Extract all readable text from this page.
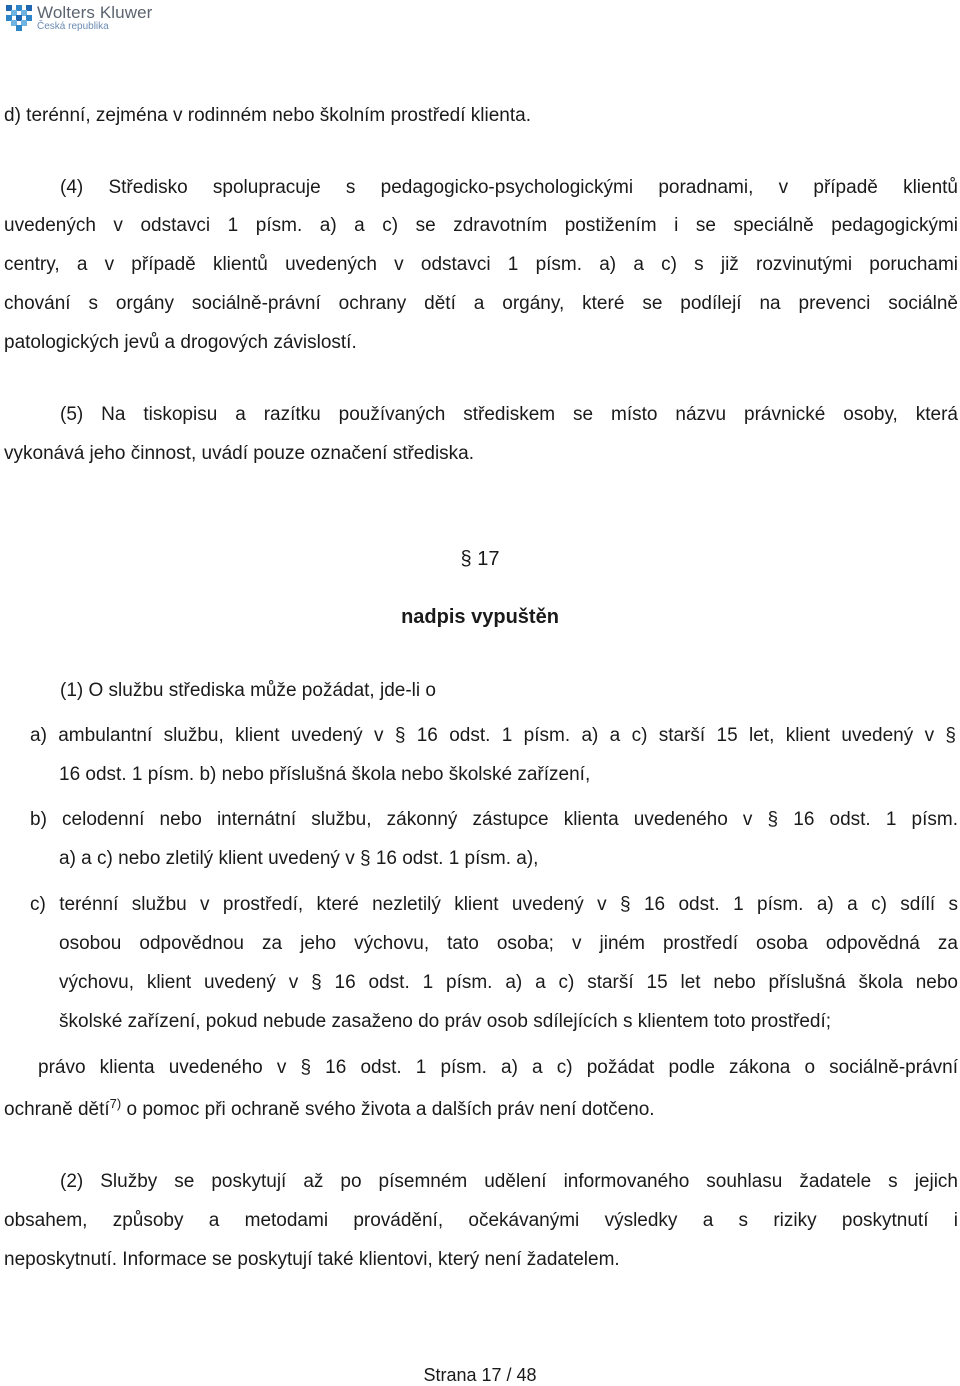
Wolters Kluwer
Česká republika
d) terénní, zejména v rodinném nebo školním prostředí klienta.
(4) Středisko spolupracuje s pedagogicko-psychologickými poradnami, v případě klientů
uvedených v odstavci 1 písm. a) a c) se zdravotním postižením i se speciálně pedagogickými
centry, a v případě klientů uvedených v odstavci 1 písm. a) a c) s již rozvinutými poruchami
chování s orgány sociálně-právní ochrany dětí a orgány, které se podílejí na prevenci sociálně
patologických jevů a drogových závislostí.
(5) Na tiskopisu a razítku používaných střediskem se místo názvu právnické osoby, která
vykonává jeho činnost, uvádí pouze označení střediska.
§ 17
nadpis vypuštěn
(1) O službu střediska může požádat, jde-li o
a) ambulantní službu, klient uvedený v § 16 odst. 1 písm. a) a c) starší 15 let, klient uvedený v §
16 odst. 1 písm. b) nebo příslušná škola nebo školské zařízení,
b) celodenní nebo internátní službu, zákonný zástupce klienta uvedeného v § 16 odst. 1 písm.
a) a c) nebo zletilý klient uvedený v § 16 odst. 1 písm. a),
c) terénní službu v prostředí, které nezletilý klient uvedený v § 16 odst. 1 písm. a) a c) sdílí s
osobou odpovědnou za jeho výchovu, tato osoba; v jiném prostředí osoba odpovědná za
výchovu, klient uvedený v § 16 odst. 1 písm. a) a c) starší 15 let nebo příslušná škola nebo
školské zařízení, pokud nebude zasaženo do práv osob sdílejících s klientem toto prostředí;
právo klienta uvedeného v § 16 odst. 1 písm. a) a c) požádat podle zákona o sociálně-právní
ochraně dětí$^{7)}$ o pomoc při ochraně svého života a dalších práv není dotčeno.
(2) Služby se poskytují až po písemném udělení informovaného souhlasu žadatele s jejich
obsahem, způsoby a metodami provádění, očekávanými výsledky a s riziky poskytnutí i
neposkytnutí. Informace se poskytují také klientovi, který není žadatelem.
Strana 17 / 48
